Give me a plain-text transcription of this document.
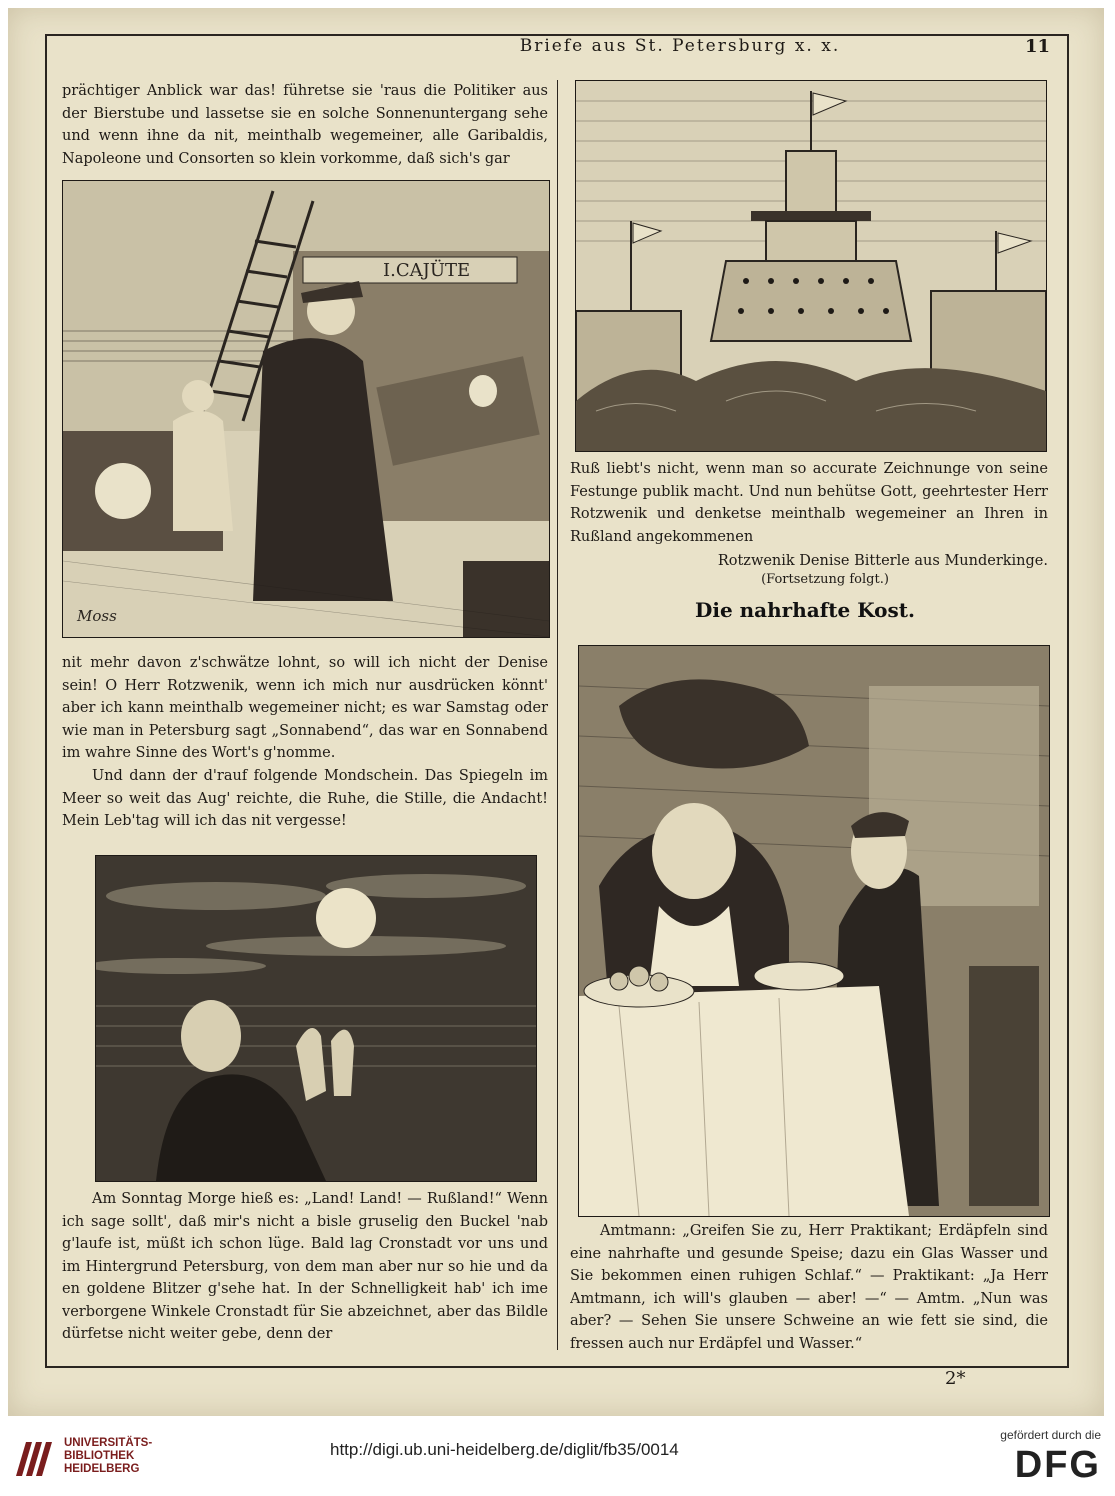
Briefe aus St. Petersburg x. x.	11

prächtiger Anblick war das! führetse sie 'raus die Politiker aus der Bierstube und lassetse sie en solche Sonnenuntergang sehe und wenn ihne da nit, meinthalb wegemeiner, alle Garibaldis, Napoleone und Consorten so klein vorkomme, daß sich's gar

I.CAJÜTE
Moss

nit mehr davon z'schwätze lohnt, so will ich nicht der Denise sein! O Herr Rotzwenik, wenn ich mich nur ausdrücken könnt' aber ich kann meinthalb wegemeiner nicht; es war Samstag oder wie man in Petersburg sagt „Sonnabend“, das war en Sonnabend im wahre Sinne des Wort's g'nomme.

Und dann der d'rauf folgende Mondschein. Das Spiegeln im Meer so weit das Aug' reichte, die Ruhe, die Stille, die Andacht! Mein Leb'tag will ich das nit vergesse!

Am Sonntag Morge hieß es: „Land! Land! — Rußland!“ Wenn ich sage sollt', daß mir's nicht a bisle gruselig den Buckel 'nab g'laufe ist, müßt ich schon lüge. Bald lag Cronstadt vor uns und im Hintergrund Petersburg, von dem man aber nur so hie und da en goldene Blitzer g'sehe hat. In der Schnelligkeit hab' ich ime verborgene Winkele Cronstadt für Sie abzeichnet, aber das Bildle dürfetse nicht weiter gebe, denn der

Ruß liebt's nicht, wenn man so accurate Zeichnunge von seine Festunge publik macht. Und nun behütse Gott, geehrtester Herr Rotzwenik und denketse meinthalb wegemeiner an Ihren in Rußland angekommenen

Rotzwenik Denise Bitterle aus Munderkinge.
(Fortsetzung folgt.)
Die nahrhafte Kost.

Amtmann: „Greifen Sie zu, Herr Praktikant; Erdäpfeln sind eine nahrhafte und gesunde Speise; dazu ein Glas Wasser und Sie bekommen einen ruhigen Schlaf.“ — Praktikant: „Ja Herr Amtmann, ich will's glauben — aber! —“ — Amtm. „Nun was aber? — Sehen Sie unsere Schweine an wie fett sie sind, die fressen auch nur Erdäpfel und Wasser.“

2*
UNIVERSITÄTS-
BIBLIOTHEK
HEIDELBERG
http://digi.ub.uni-heidelberg.de/diglit/fb35/0014
gefördert durch die
DFG
